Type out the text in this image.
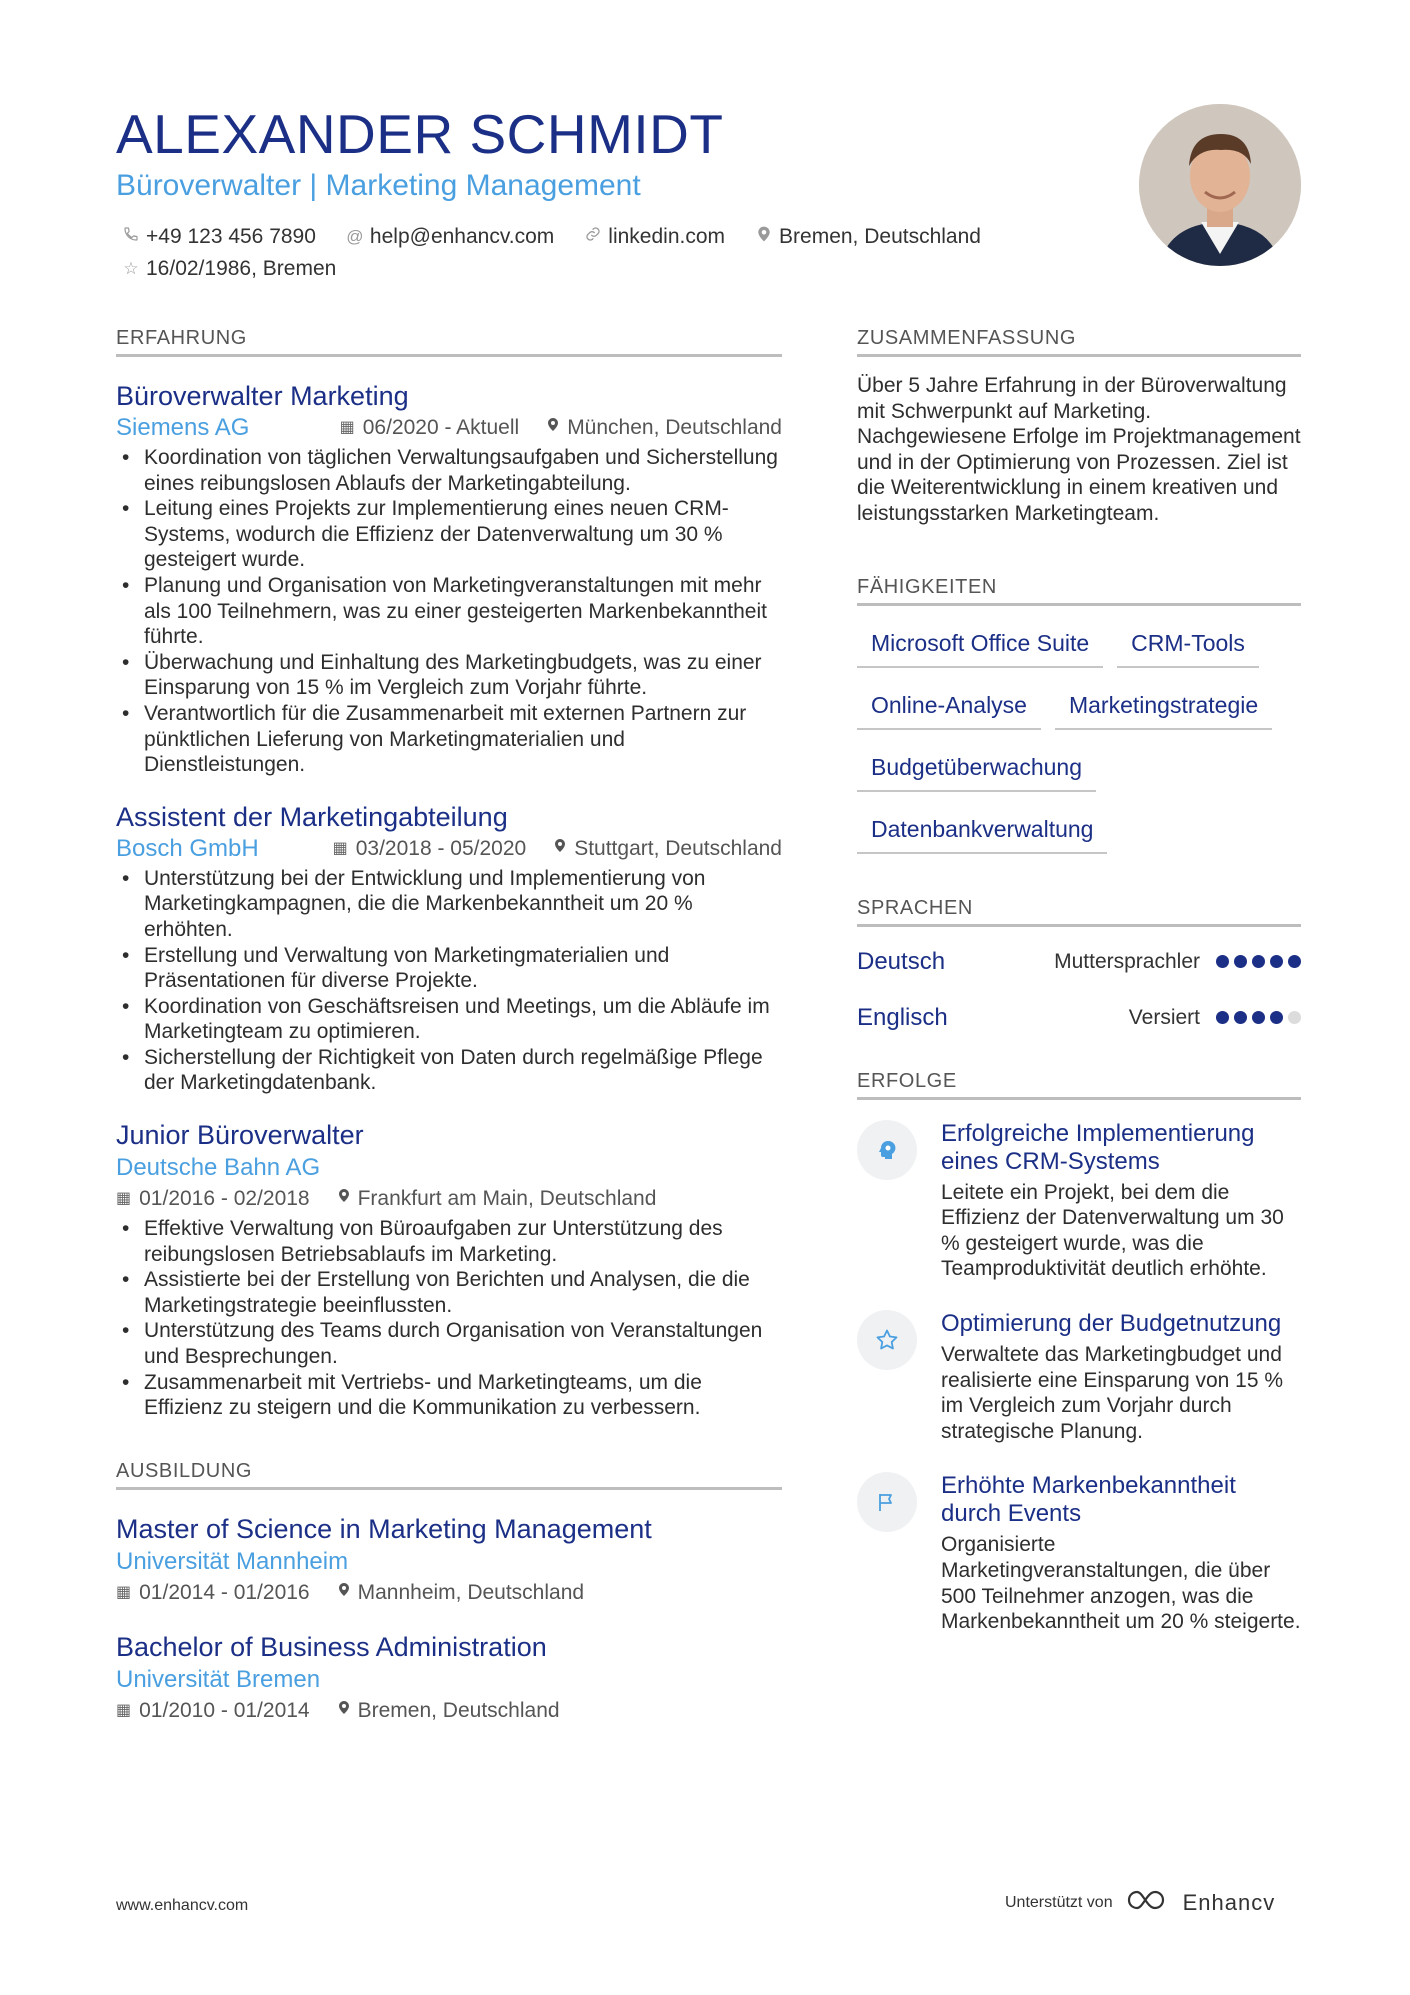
ALEXANDER SCHMIDT
Büroverwalter | Marketing Management
+49 123 456 7890 @ help@enhancv.com	linkedin.com	Bremen, Deutschland
☆ 16/02/1986, Bremen
ERFAHRUNG
Büroverwalter Marketing
Siemens AG	▦ 06/2020 - Aktuell München, Deutschland
• Koordination von täglichen Verwaltungsaufgaben und Sicherstellung eines reibungslosen Ablaufs der Marketingabteilung.
• Leitung eines Projekts zur Implementierung eines neuen CRM-Systems, wodurch die Effizienz der Datenverwaltung um 30 % gesteigert wurde.
• Planung und Organisation von Marketingveranstaltungen mit mehr als 100 Teilnehmern, was zu einer gesteigerten Markenbekanntheit führte.
• Überwachung und Einhaltung des Marketingbudgets, was zu einer Einsparung von 15 % im Vergleich zum Vorjahr führte.
• Verantwortlich für die Zusammenarbeit mit externen Partnern zur pünktlichen Lieferung von Marketingmaterialien und Dienstleistungen.
Assistent der Marketingabteilung
Bosch GmbH	▦ 03/2018 - 05/2020 Stuttgart, Deutschland
• Unterstützung bei der Entwicklung und Implementierung von Marketingkampagnen, die die Markenbekanntheit um 20 % erhöhten.
• Erstellung und Verwaltung von Marketingmaterialien und Präsentationen für diverse Projekte.
• Koordination von Geschäftsreisen und Meetings, um die Abläufe im Marketingteam zu optimieren.
• Sicherstellung der Richtigkeit von Daten durch regelmäßige Pflege der Marketingdatenbank.
Junior Büroverwalter
Deutsche Bahn AG
▦ 01/2016 - 02/2018 Frankfurt am Main, Deutschland
• Effektive Verwaltung von Büroaufgaben zur Unterstützung des reibungslosen Betriebsablaufs im Marketing.
• Assistierte bei der Erstellung von Berichten und Analysen, die die Marketingstrategie beeinflussten.
• Unterstützung des Teams durch Organisation von Veranstaltungen und Besprechungen.
• Zusammenarbeit mit Vertriebs- und Marketingteams, um die Effizienz zu steigern und die Kommunikation zu verbessern.
AUSBILDUNG
Master of Science in Marketing Management
Universität Mannheim
▦ 01/2014 - 01/2016 Mannheim, Deutschland
Bachelor of Business Administration
Universität Bremen
▦ 01/2010 - 01/2014 Bremen, Deutschland
ZUSAMMENFASSUNG

Über 5 Jahre Erfahrung in der Büroverwaltung mit Schwerpunkt auf Marketing. Nachgewiesene Erfolge im Projektmanagement und in der Optimierung von Prozessen. Ziel ist die Weiterentwicklung in einem kreativen und leistungsstarken Marketingteam.

FÄHIGKEITEN
Microsoft Office Suite	CRM-Tools
Online-Analyse	Marketingstrategie
Budgetüberwachung
Datenbankverwaltung
SPRACHEN
Deutsch	Muttersprachler
Englisch	Versiert
ERFOLGE
Erfolgreiche Implementierung eines CRM-Systems
Leitete ein Projekt, bei dem die Effizienz der Datenverwaltung um 30 % gesteigert wurde, was die Teamproduktivität deutlich erhöhte.
Optimierung der Budgetnutzung
Verwaltete das Marketingbudget und realisierte eine Einsparung von 15 % im Vergleich zum Vorjahr durch strategische Planung.
Erhöhte Markenbekanntheit durch Events
Organisierte Marketingveranstaltungen, die über 500 Teilnehmer anzogen, was die Markenbekanntheit um 20 % steigerte.
www.enhancv.com	Unterstützt von	Enhancv
